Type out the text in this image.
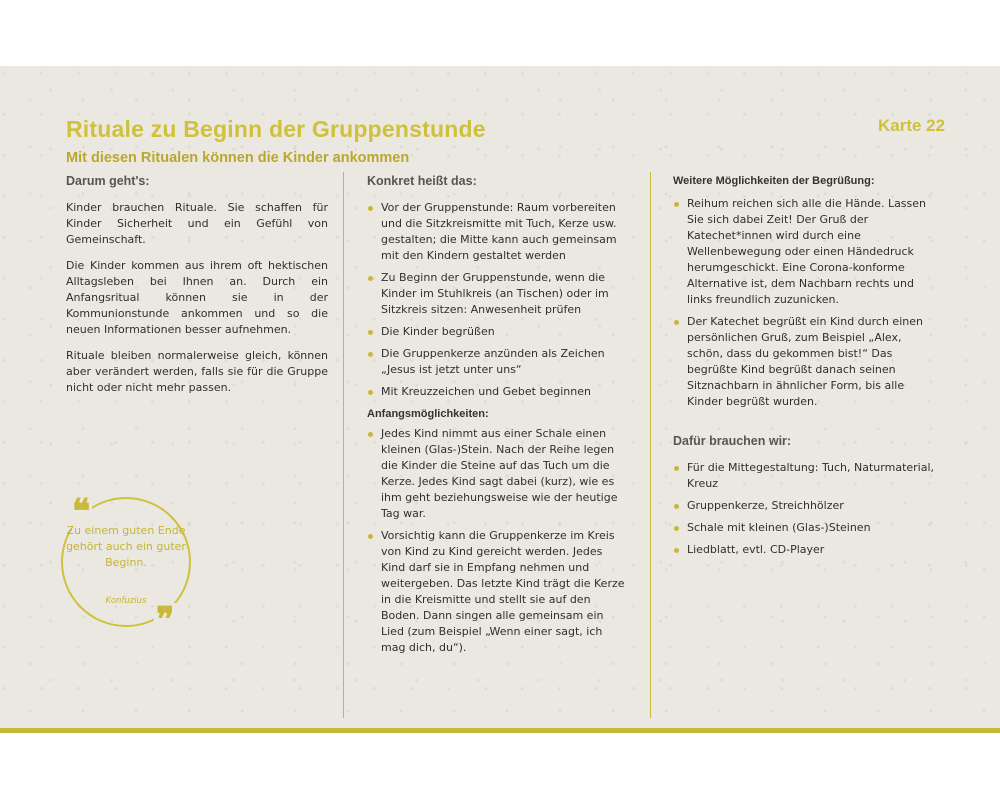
Rituale zu Beginn der Gruppenstunde	Karte 22
Mit diesen Ritualen können die Kinder ankommen
Darum geht's:

Kinder brauchen Rituale. Sie schaffen für Kinder Sicherheit und ein Gefühl von Gemeinschaft.

Die Kinder kommen aus ihrem oft hektischen Alltagsleben bei Ihnen an. Durch ein Anfangsritual können sie in der Kommunionstunde ankommen und so die neuen Informationen besser aufnehmen.

Rituale bleiben normalerweise gleich, können aber verändert werden, falls sie für die Gruppe nicht oder nicht mehr passen.

❝
Zu einem guten Ende gehört auch ein guter Beginn.
Konfuzius ❞
Konkret heißt das:
Vor der Gruppenstunde: Raum vorbereiten und die Sitzkreismitte mit Tuch, Kerze usw. gestalten; die Mitte kann auch gemeinsam mit den Kindern gestaltet werden
Zu Beginn der Gruppenstunde, wenn die Kinder im Stuhlkreis (an Tischen) oder im Sitzkreis sitzen: Anwesenheit prüfen
Die Kinder begrüßen
Die Gruppenkerze anzünden als Zeichen „Jesus ist jetzt unter uns“
Mit Kreuzzeichen und Gebet beginnen
Anfangsmöglichkeiten:
Jedes Kind nimmt aus einer Schale einen kleinen (Glas-)Stein. Nach der Reihe legen die Kinder die Steine auf das Tuch um die Kerze. Jedes Kind sagt dabei (kurz), wie es ihm geht beziehungsweise wie der heutige Tag war.
Vorsichtig kann die Gruppenkerze im Kreis von Kind zu Kind gereicht werden. Jedes Kind darf sie in Empfang nehmen und weitergeben. Das letzte Kind trägt die Kerze in die Kreismitte und stellt sie auf den Boden. Dann singen alle gemeinsam ein Lied (zum Beispiel „Wenn einer sagt, ich mag dich, du“).
Weitere Möglichkeiten der Begrüßung:
Reihum reichen sich alle die Hände. Lassen Sie sich dabei Zeit! Der Gruß der Katechet*innen wird durch eine Wellenbewegung oder einen Händedruck herumgeschickt. Eine Corona-konforme Alternative ist, dem Nachbarn rechts und links freundlich zuzunicken.
Der Katechet begrüßt ein Kind durch einen persönlichen Gruß, zum Beispiel „Alex, schön, dass du gekommen bist!“ Das begrüßte Kind begrüßt danach seinen Sitznachbarn in ähnlicher Form, bis alle Kinder begrüßt wurden.
Dafür brauchen wir:
Für die Mittegestaltung: Tuch, Naturmaterial, Kreuz
Gruppenkerze, Streichhölzer
Schale mit kleinen (Glas-)Steinen
Liedblatt, evtl. CD-Player
